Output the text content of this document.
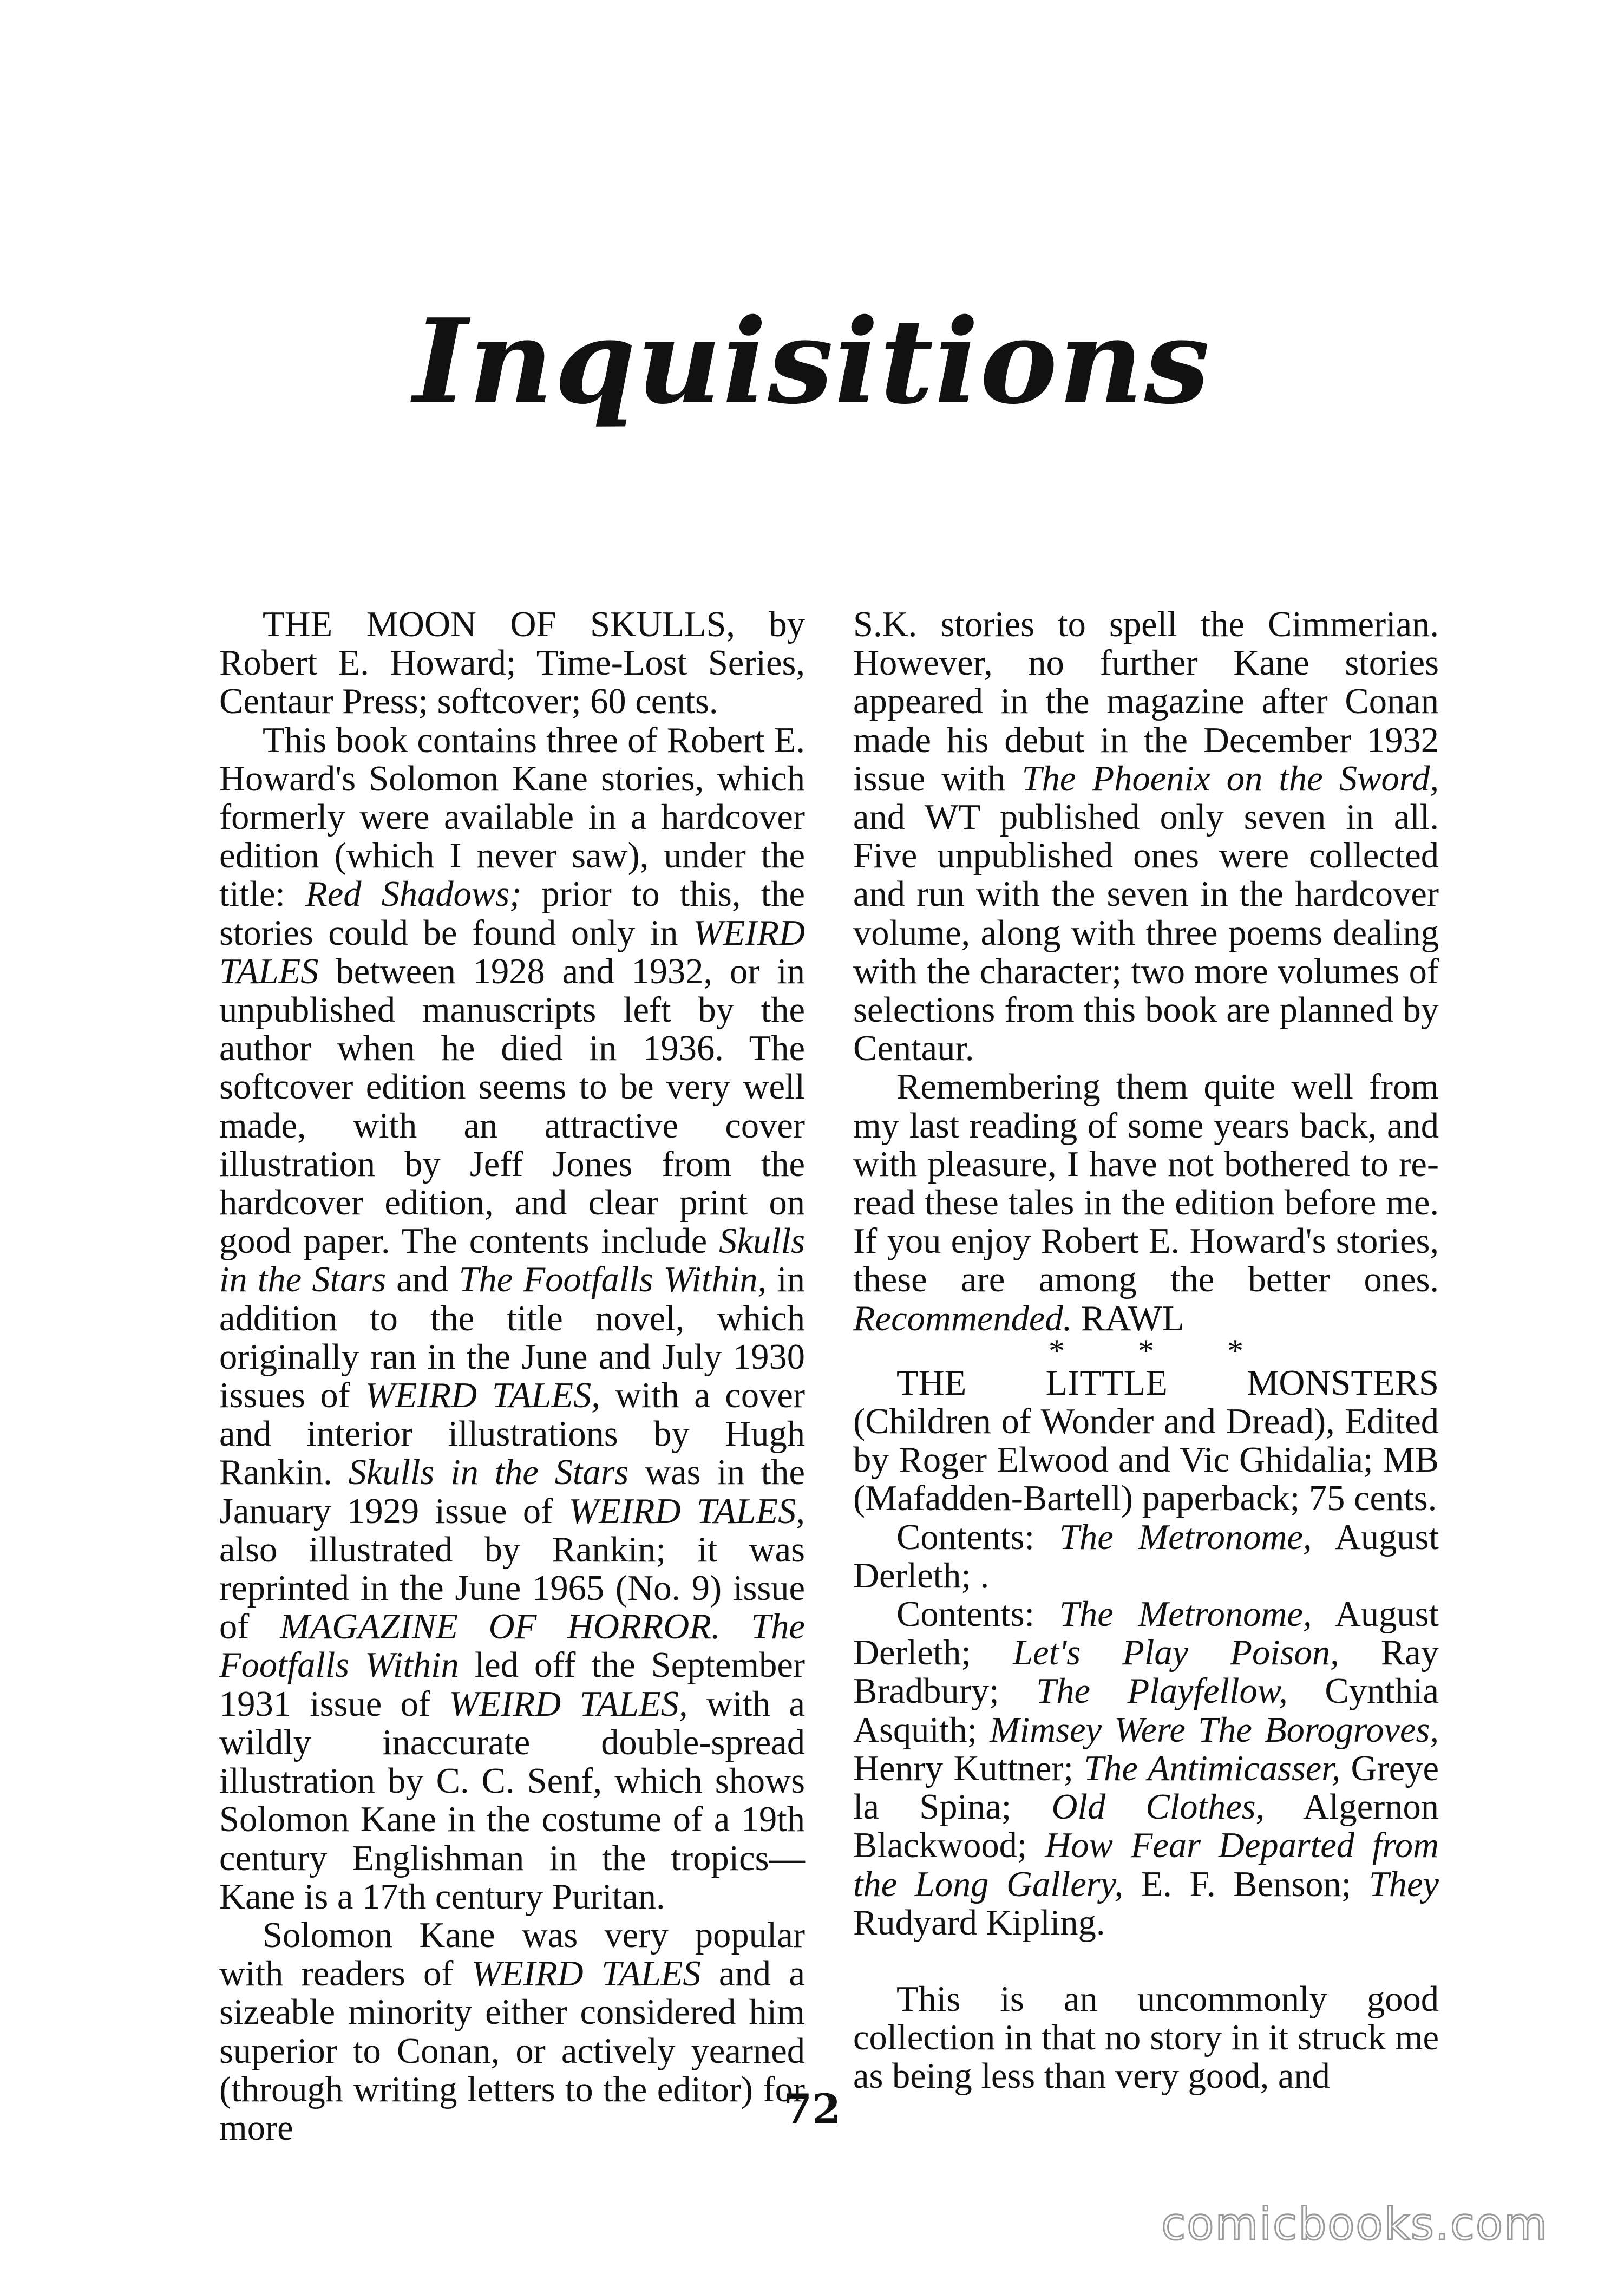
Inquisitions

THE MOON OF SKULLS, by Robert E. Howard; Time-Lost Series, Centaur Press; softcover; 60 cents.

This book contains three of Robert E. Howard's Solomon Kane stories, which formerly were available in a hardcover edition (which I never saw), under the title: Red Shadows; prior to this, the stories could be found only in WEIRD TALES between 1928 and 1932, or in unpublished manuscripts left by the author when he died in 1936. The softcover edition seems to be very well made, with an attractive cover illustration by Jeff Jones from the hardcover edition, and clear print on good paper. The contents include Skulls in the Stars and The Footfalls Within, in addition to the title novel, which originally ran in the June and July 1930 issues of WEIRD TALES, with a cover and interior illustrations by Hugh Rankin. Skulls in the Stars was in the January 1929 issue of WEIRD TALES, also illustrated by Rankin; it was reprinted in the June 1965 (No. 9) issue of MAGAZINE OF HORROR. The Footfalls Within led off the September 1931 issue of WEIRD TALES, with a wildly inaccurate double-spread illustration by C. C. Senf, which shows Solomon Kane in the costume of a 19th century Englishman in the tropics—Kane is a 17th century Puritan.

Solomon Kane was very popular with readers of WEIRD TALES and a sizeable minority either considered him superior to Conan, or actively yearned (through writing letters to the editor) for more

S.K. stories to spell the Cimmerian. However, no further Kane stories appeared in the magazine after Conan made his debut in the December 1932 issue with The Phoenix on the Sword, and WT published only seven in all. Five unpublished ones were collected and run with the seven in the hardcover volume, along with three poems dealing with the character; two more volumes of selections from this book are planned by Centaur.

Remembering them quite well from my last reading of some years back, and with pleasure, I have not bothered to re-read these tales in the edition before me. If you enjoy Robert E. Howard's stories, these are among the better ones. Recommended. RAWL

* * *

THE LITTLE MONSTERS (Children of Wonder and Dread), Edited by Roger Elwood and Vic Ghidalia; MB (Mafadden-Bartell) paperback; 75 cents.

Contents: The Metronome, August Derleth; .

Contents: The Metronome, August Derleth; Let's Play Poison, Ray Bradbury; The Playfellow, Cynthia Asquith; Mimsey Were The Borogroves, Henry Kuttner; The Antimicasser, Greye la Spina; Old Clothes, Algernon Blackwood; How Fear Departed from the Long Gallery, E. F. Benson; They Rudyard Kipling.

This is an uncommonly good collection in that no story in it struck me as being less than very good, and

72
comicbooks.com
